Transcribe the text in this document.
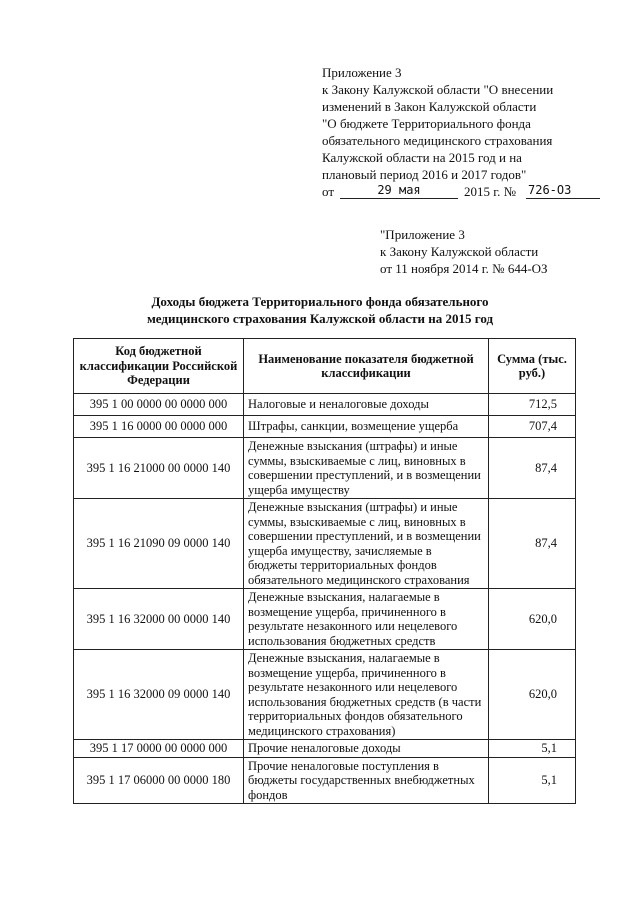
Приложение 3
к Закону Калужской области "О внесении
изменений в Закон Калужской области
"О бюджете Территориального фонда
обязательного медицинского страхования
Калужской области на 2015 год и на
плановый период 2016 и 2017 годов"
от	29 мая	2015 г. № 726-ОЗ
"Приложение 3
к Закону Калужской области
от 11 ноября 2014 г. № 644-ОЗ
Доходы бюджета Территориального фонда обязательного
медицинского страхования Калужской области на 2015 год
Код бюджетной классификации Российской Федерации	Наименование показателя бюджетной классификации	Сумма (тыс. руб.)
395 1 00 0000 00 0000 000	Налоговые и неналоговые доходы	712,5
395 1 16 0000 00 0000 000	Штрафы, санкции, возмещение ущерба	707,4
395 1 16 21000 00 0000 140	Денежные взыскания (штрафы) и иные суммы, взыскиваемые с лиц, виновных в совершении преступлений, и в возмещении ущерба имуществу	87,4
395 1 16 21090 09 0000 140	Денежные взыскания (штрафы) и иные суммы, взыскиваемые с лиц, виновных в совершении преступлений, и в возмещении ущерба имуществу, зачисляемые в бюджеты территориальных фондов обязательного медицинского страхования	87,4
395 1 16 32000 00 0000 140	Денежные взыскания, налагаемые в возмещение ущерба, причиненного в результате незаконного или нецелевого использования бюджетных средств	620,0
395 1 16 32000 09 0000 140	Денежные взыскания, налагаемые в возмещение ущерба, причиненного в результате незаконного или нецелевого использования бюджетных средств (в части территориальных фондов обязательного медицинского страхования)	620,0
395 1 17 0000 00 0000 000	Прочие неналоговые доходы	5,1
395 1 17 06000 00 0000 180	Прочие неналоговые поступления в бюджеты государственных внебюджетных фондов	5,1
